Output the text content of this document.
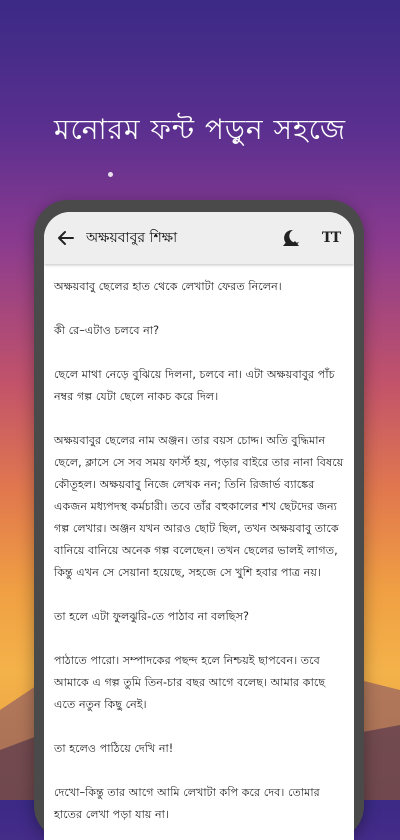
মনোরম ফন্ট পড়ুন সহজে
অক্ষয়বাবুর শিক্ষা	TT

অক্ষয়বাবু ছেলের হাত থেকে লেখাটা ফেরত নিলেন।

কী রে–এটাও চলবে না?

ছেলে মাথা নেড়ে বুঝিয়ে দিলনা, চলবে না। এটা অক্ষয়বাবুর পাঁচ নম্বর গল্প যেটা ছেলে নাকচ করে দিল।

অক্ষয়বাবুর ছেলের নাম অঞ্জন। তার বয়স চোদ্দ। অতি বুদ্ধিমান ছেলে, ক্লাসে সে সব সময় ফার্স্ট হয়, পড়ার বাইরে তার নানা বিষয়ে কৌতূহল। অক্ষয়বাবু নিজে লেখক নন; তিনি রিজার্ভ ব্যাঙ্কের একজন মধ্যপদস্থ কর্মচারী। তবে তাঁর বহুকালের শখ ছেটদের জন্য গল্প লেখার। অঞ্জন যখন আরও ছোট ছিল, তখন অক্ষয়বাবু তাকে বানিয়ে বানিয়ে অনেক গল্প বলেছেন। তখন ছেলের ভালই লাগত, কিন্তু এখন সে সেয়ানা হয়েছে, সহজে সে খুশি হবার পাত্র নয়।

তা হলে এটা ফুলঝুরি-তে পাঠাব না বলছিস?

পাঠাতে পারো। সম্পাদকের পছন্দ হলে নিশ্চয়ই ছাপবেন। তবে আমাকে এ গল্প তুমি তিন-চার বছর আগে বলেছ। আমার কাছে এতে নতুন কিছু নেই।

তা হলেও পাঠিয়ে দেখি না!

দেখো–কিন্তু তার আগে আমি লেখাটা কপি করে দেব। তোমার হাতের লেখা পড়া যায় না।
